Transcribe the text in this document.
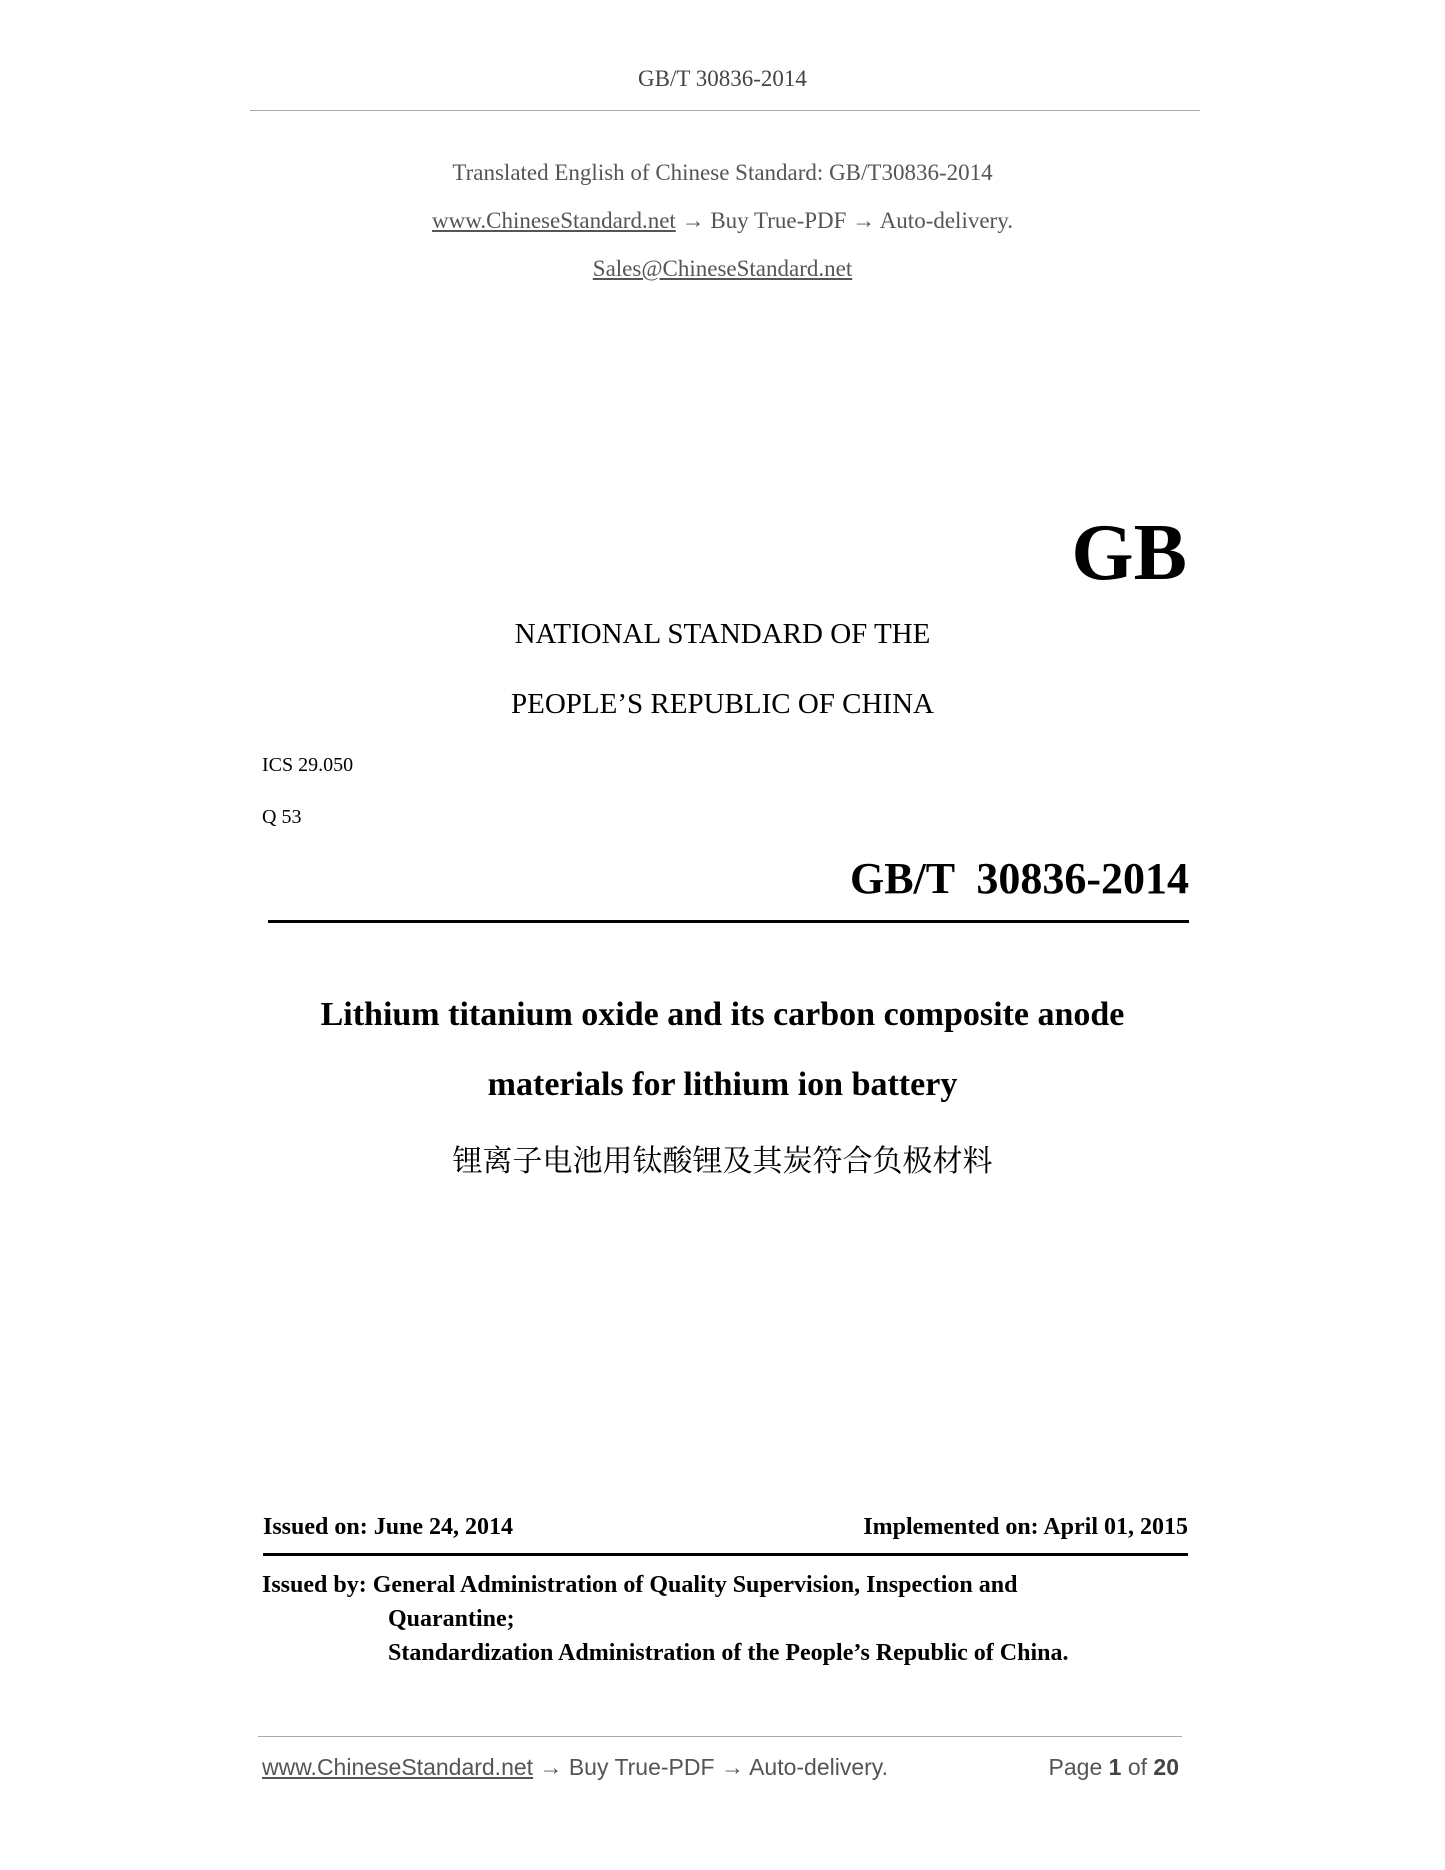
GB/T 30836-2014
Translated English of Chinese Standard: GB/T30836-2014
www.ChineseStandard.net → Buy True-PDF → Auto-delivery.
Sales@ChineseStandard.net
GB
NATIONAL STANDARD OF THE
PEOPLE’S REPUBLIC OF CHINA
ICS 29.050
Q 53
GB/T  30836-2014
Lithium titanium oxide and its carbon composite anode
materials for lithium ion battery
锂离子电池用钛酸锂及其炭符合负极材料
Issued on: June 24, 2014	Implemented on: April 01, 2015
Issued by: General Administration of Quality Supervision, Inspection and
Quarantine;
Standardization Administration of the People’s Republic of China.
www.ChineseStandard.net → Buy True-PDF → Auto-delivery.	Page 1 of 20
